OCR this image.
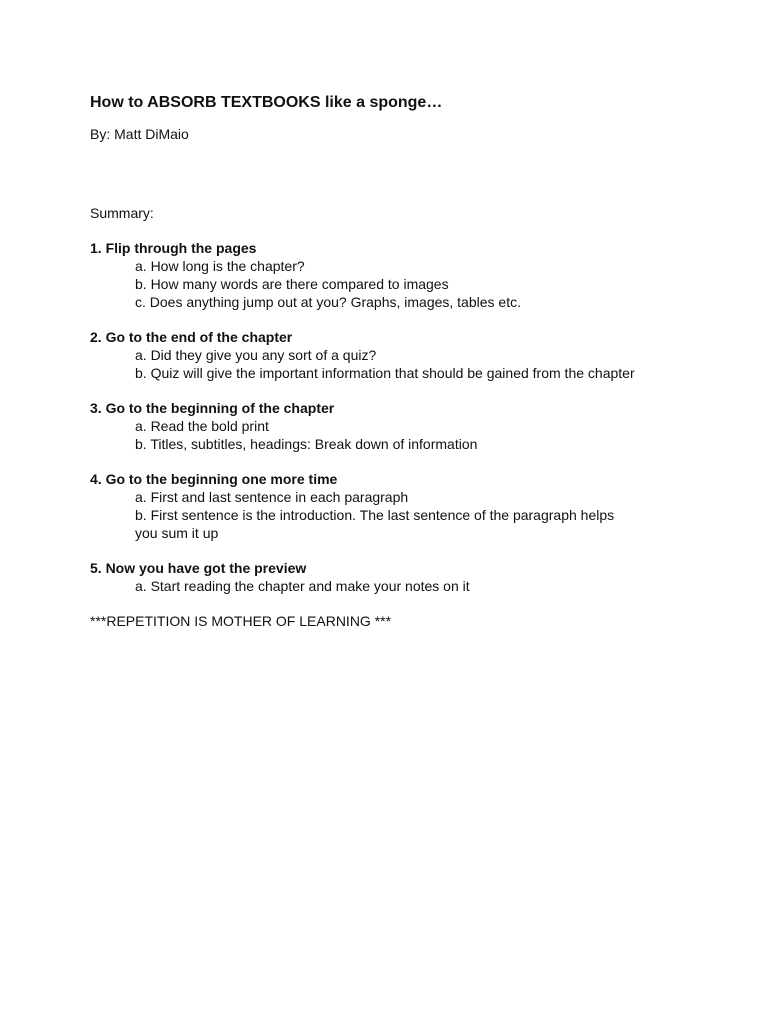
How to ABSORB TEXTBOOKS like a sponge…
By: Matt DiMaio
Summary:
1. Flip through the pages
a. How long is the chapter?
b. How many words are there compared to images
c. Does anything jump out at you? Graphs, images, tables etc.
2. Go to the end of the chapter
a. Did they give you any sort of a quiz?
b. Quiz will give the important information that should be gained from the chapter
3. Go to the beginning of the chapter
a. Read the bold print
b. Titles, subtitles, headings: Break down of information
4. Go to the beginning one more time
a. First and last sentence in each paragraph
b. First sentence is the introduction. The last sentence of the paragraph helps
you sum it up
5. Now you have got the preview
a. Start reading the chapter and make your notes on it
***REPETITION IS MOTHER OF LEARNING ***
